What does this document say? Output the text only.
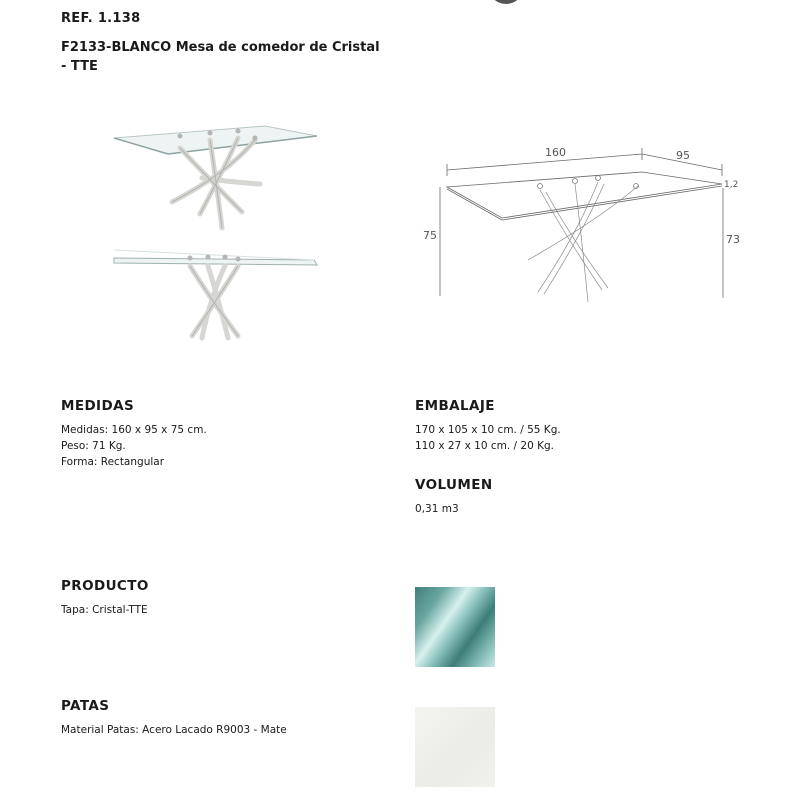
REF. 1.138
F2133-BLANCO Mesa de comedor de Cristal - TTE
160	95
75	73
1,2
MEDIDAS
Medidas: 160 x 95 x 75 cm.
Peso: 71 Kg.
Forma: Rectangular
EMBALAJE
170 x 105 x 10 cm. / 55 Kg.
110 x 27 x 10 cm. / 20 Kg.
VOLUMEN
0,31 m3
PRODUCTO
Tapa: Cristal-TTE
PATAS
Material Patas: Acero Lacado R9003 - Mate
